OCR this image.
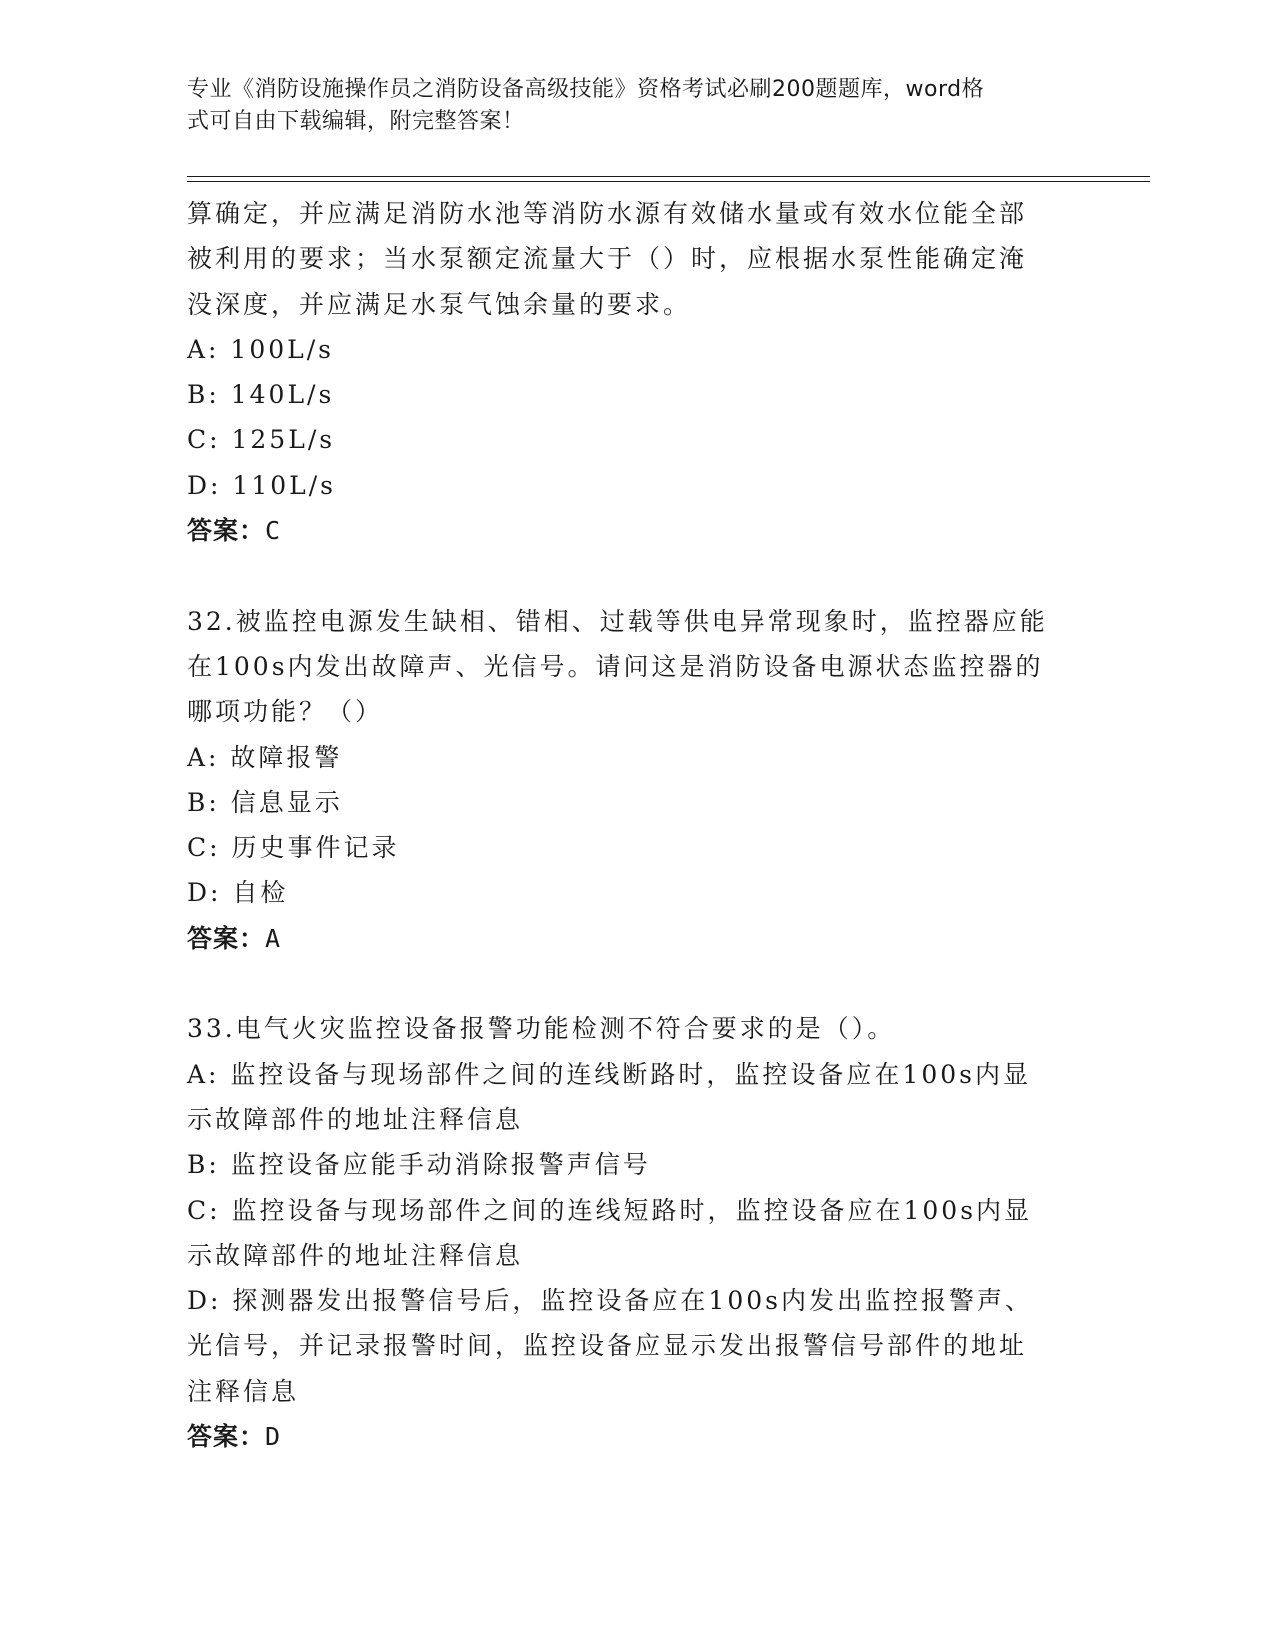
专业《消防设施操作员之消防设备高级技能》资格考试必刷200题题库，word格
式可自由下载编辑，附完整答案！
算确定，并应满足消防水池等消防水源有效储水量或有效水位能全部
被利用的要求；当水泵额定流量大于（）时，应根据水泵性能确定淹
没深度，并应满足水泵气蚀余量的要求。
A: 100L/s
B: 140L/s
C: 125L/s
D: 110L/s
答案：C
32.被监控电源发生缺相、错相、过载等供电异常现象时，监控器应能
在100s内发出故障声、光信号。请问这是消防设备电源状态监控器的
哪项功能？（）
A: 故障报警
B: 信息显示
C: 历史事件记录
D: 自检
答案：A
33.电气火灾监控设备报警功能检测不符合要求的是（）。
A: 监控设备与现场部件之间的连线断路时，监控设备应在100s内显
示故障部件的地址注释信息
B: 监控设备应能手动消除报警声信号
C: 监控设备与现场部件之间的连线短路时，监控设备应在100s内显
示故障部件的地址注释信息
D: 探测器发出报警信号后，监控设备应在100s内发出监控报警声、
光信号，并记录报警时间，监控设备应显示发出报警信号部件的地址
注释信息
答案：D
